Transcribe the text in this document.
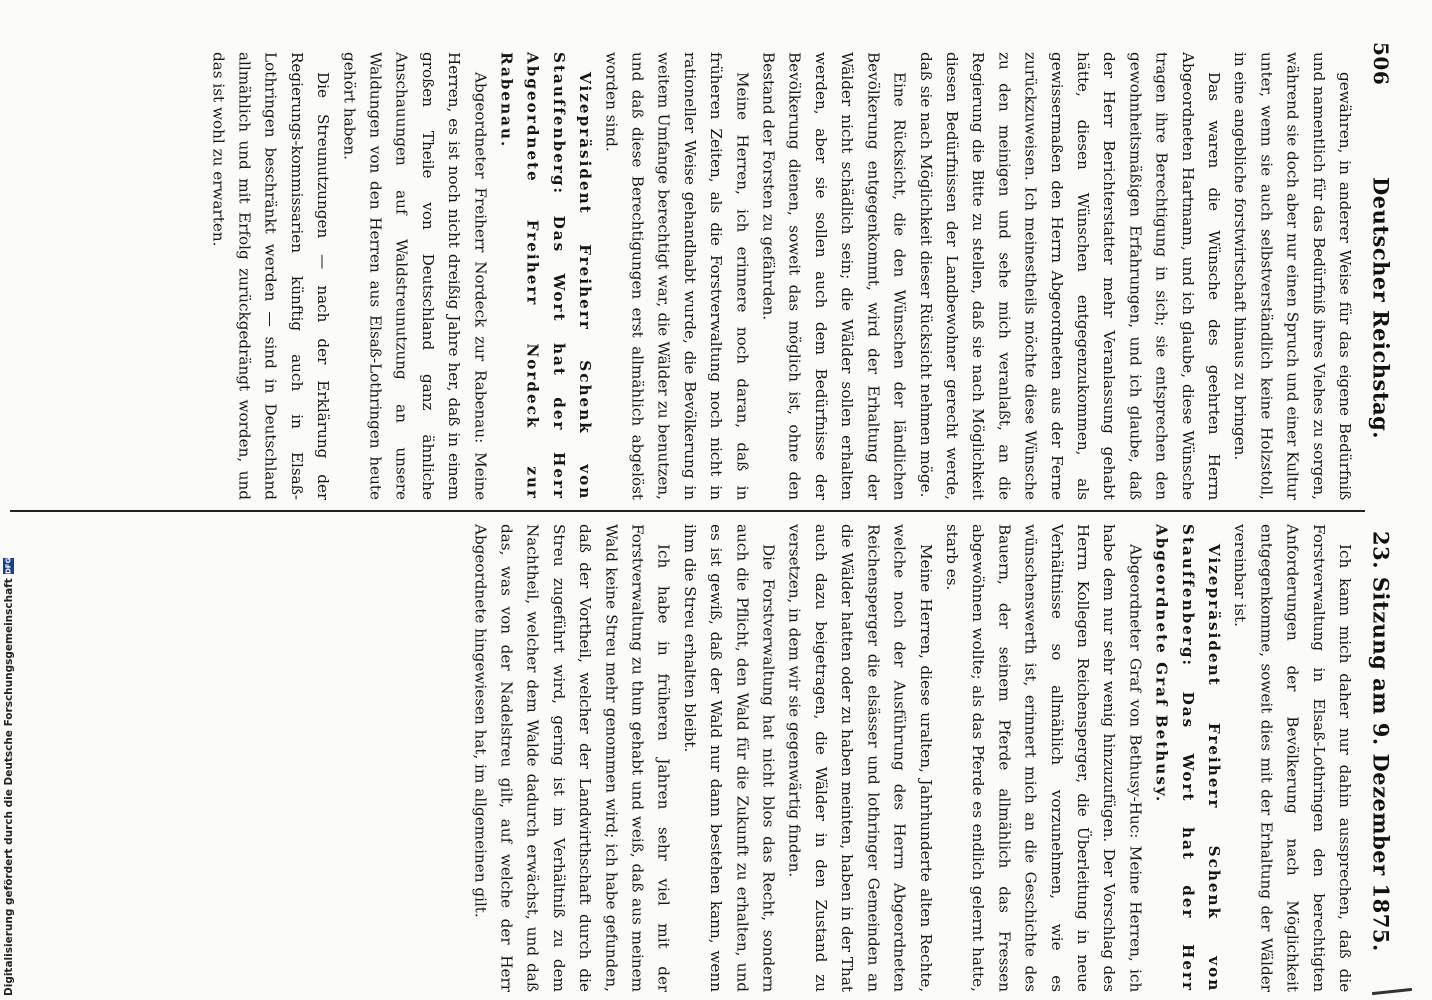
506
Deutscher Reichstag.
23. Sitzung am 9. Dezember 1875.

gewähren, in anderer Weise für das eigene Bedürfniß und namentlich für das Bedürfniß ihres Viehes zu sorgen, während sie doch aber nur einen Spruch und einer Kultur unter, wenn sie auch selbstverständlich keine Holzstoll, in eine angebliche forstwirtschaft hinaus zu bringen.

Das waren die Wünsche des geehrten Herrn Abgeordneten Hartmann, und ich glaube, diese Wünsche tragen ihre Berechtigung in sich; sie entsprechen den gewohnheitsmäßigen Erfahrungen, und ich glaube, daß der Herr Berichterstatter mehr Veranlassung gehabt hätte, diesen Wünschen entgegenzukommen, als gewissermaßen den Herrn Abgeordneten aus der Ferne zurückzuweisen. Ich meinestheils möchte diese Wünsche zu den meinigen und sehe mich veranlaßt, an die Regierung die Bitte zu stellen, daß sie nach Möglichkeit diesen Bedürfnissen der Landbewohner gerecht werde, daß sie nach Möglichkeit dieser Rücksicht nehmen möge.

Eine Rücksicht, die den Wünschen der ländlichen Bevölkerung entgegenkommt, wird der Erhaltung der Wälder nicht schädlich sein; die Wälder sollen erhalten werden, aber sie sollen auch dem Bedürfnisse der Bevölkerung dienen, soweit das möglich ist, ohne den Bestand der Forsten zu gefährden.

Meine Herren, ich erinnere noch daran, daß in früheren Zeiten, als die Forstverwaltung noch nicht in rationeller Weise gehandhabt wurde, die Bevölkerung in weitem Umfange berechtigt war, die Wälder zu benutzen, und daß diese Berechtigungen erst allmählich abgelöst worden sind.

Vizepräsident Freiherr Schenk von Stauffenberg: Das Wort hat der Herr Abgeordnete Freiherr Nordeck zur Rabenau.

Abgeordneter Freiherr Nordeck zur Rabenau: Meine Herren, es ist noch nicht dreißig Jahre her, daß in einem großen Theile von Deutschland ganz ähnliche Anschauungen auf Waldstreunutzung an unsere Waldungen von den Herren aus Elsaß-Lothringen heute gehört haben.

Die Streunutzungen — nach der Erklärung der Regierungs-kommissarien künftig auch in Elsaß-Lothringen beschränkt werden — sind in Deutschland allmählich und mit Erfolg zurückgedrängt worden, und das ist wohl zu erwarten.

Ich kann mich daher nur dahin aussprechen, daß die Forstverwaltung in Elsaß-Lothringen den berechtigten Anforderungen der Bevölkerung nach Möglichkeit entgegenkomme, soweit dies mit der Erhaltung der Wälder vereinbar ist.

Vizepräsident Freiherr Schenk von Stauffenberg: Das Wort hat der Herr Abgeordnete Graf Bethusy.

Abgeordneter Graf von Bethusy-Huc: Meine Herren, ich habe dem nur sehr wenig hinzuzufügen. Der Vorschlag des Herrn Kollegen Reichensperger, die Überleitung in neue Verhältnisse so allmählich vorzunehmen, wie es wünschenswerth ist, erinnert mich an die Geschichte des Bauern, der seinem Pferde allmählich das Fressen abgewöhnen wollte; als das Pferde es endlich gelernt hatte, starb es.

Meine Herren, diese uralten, Jahrhunderte alten Rechte, welche noch der Ausführung des Herrn Abgeordneten Reichensperger die elsässer und lothringer Gemeinden an die Wälder hatten oder zu haben meinten, haben in der That auch dazu beigetragen, die Wälder in den Zustand zu versetzen, in dem wir sie gegenwärtig finden.

Die Forstverwaltung hat nicht blos das Recht, sondern auch die Pflicht, den Wald für die Zukunft zu erhalten, und es ist gewiß, daß der Wald nur dann bestehen kann, wenn ihm die Streu erhalten bleibt.

Ich habe in früheren Jahren sehr viel mit der Forstverwaltung zu thun gehabt und weiß, daß aus meinem Wald keine Streu mehr genommen wird; ich habe gefunden, daß der Vortheil, welcher der Landwirthschaft durch die Streu zugeführt wird, gering ist im Verhältniß zu dem Nachtheil, welcher dem Walde dadurch erwächst, und daß das, was von der Nadelstreu gilt, auf welche der Herr Abgeordnete hingewiesen hat, im allgemeinen gilt.

Digitalisierung gefördert durch die Deutsche Forschungsgemeinschaft
DFG
